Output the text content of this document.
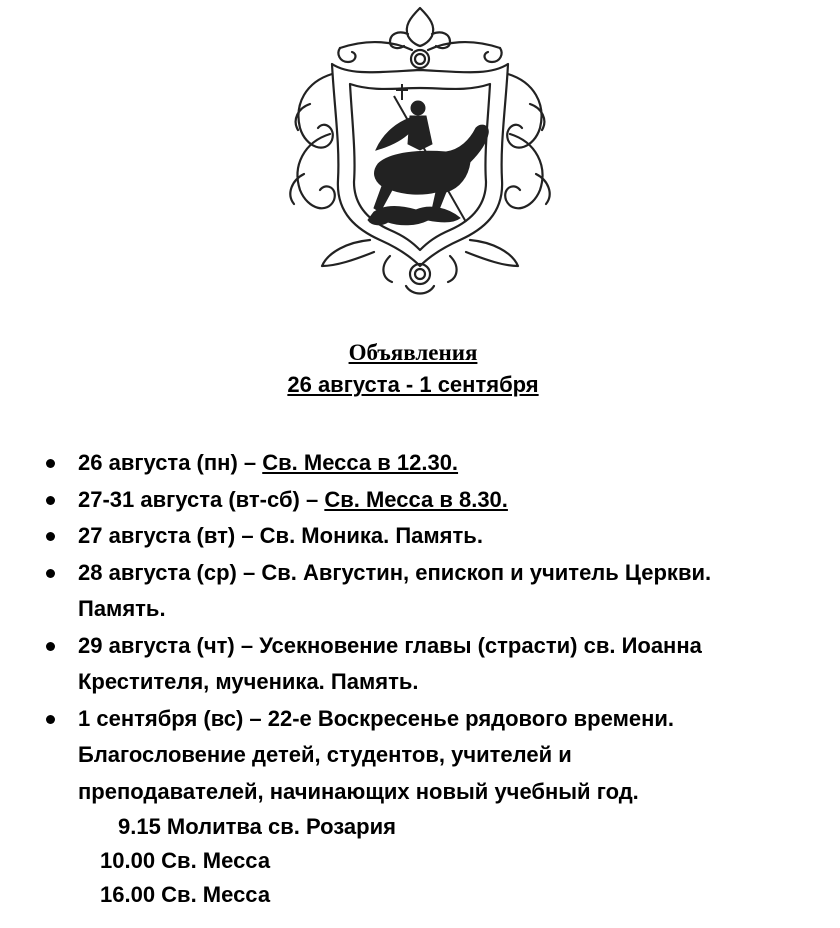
Объявления
26 августа - 1 сентября
26 августа (пн) – Св. Месса в 12.30.
27-31 августа (вт-сб) – Св. Месса в 8.30.
27 августа (вт) – Св. Моника. Память.
28 августа (ср) – Св. Августин, епископ и учитель Церкви.
Память.
29 августа (чт) – Усекновение главы (страсти) св. Иоанна
Крестителя, мученика. Память.
1 сентября (вс) – 22-е Воскресенье рядового времени.
Благословение детей, студентов, учителей и
преподавателей, начинающих новый учебный год.
9.15 Молитва св. Розария
10.00 Св. Месса
16.00 Св. Месса
